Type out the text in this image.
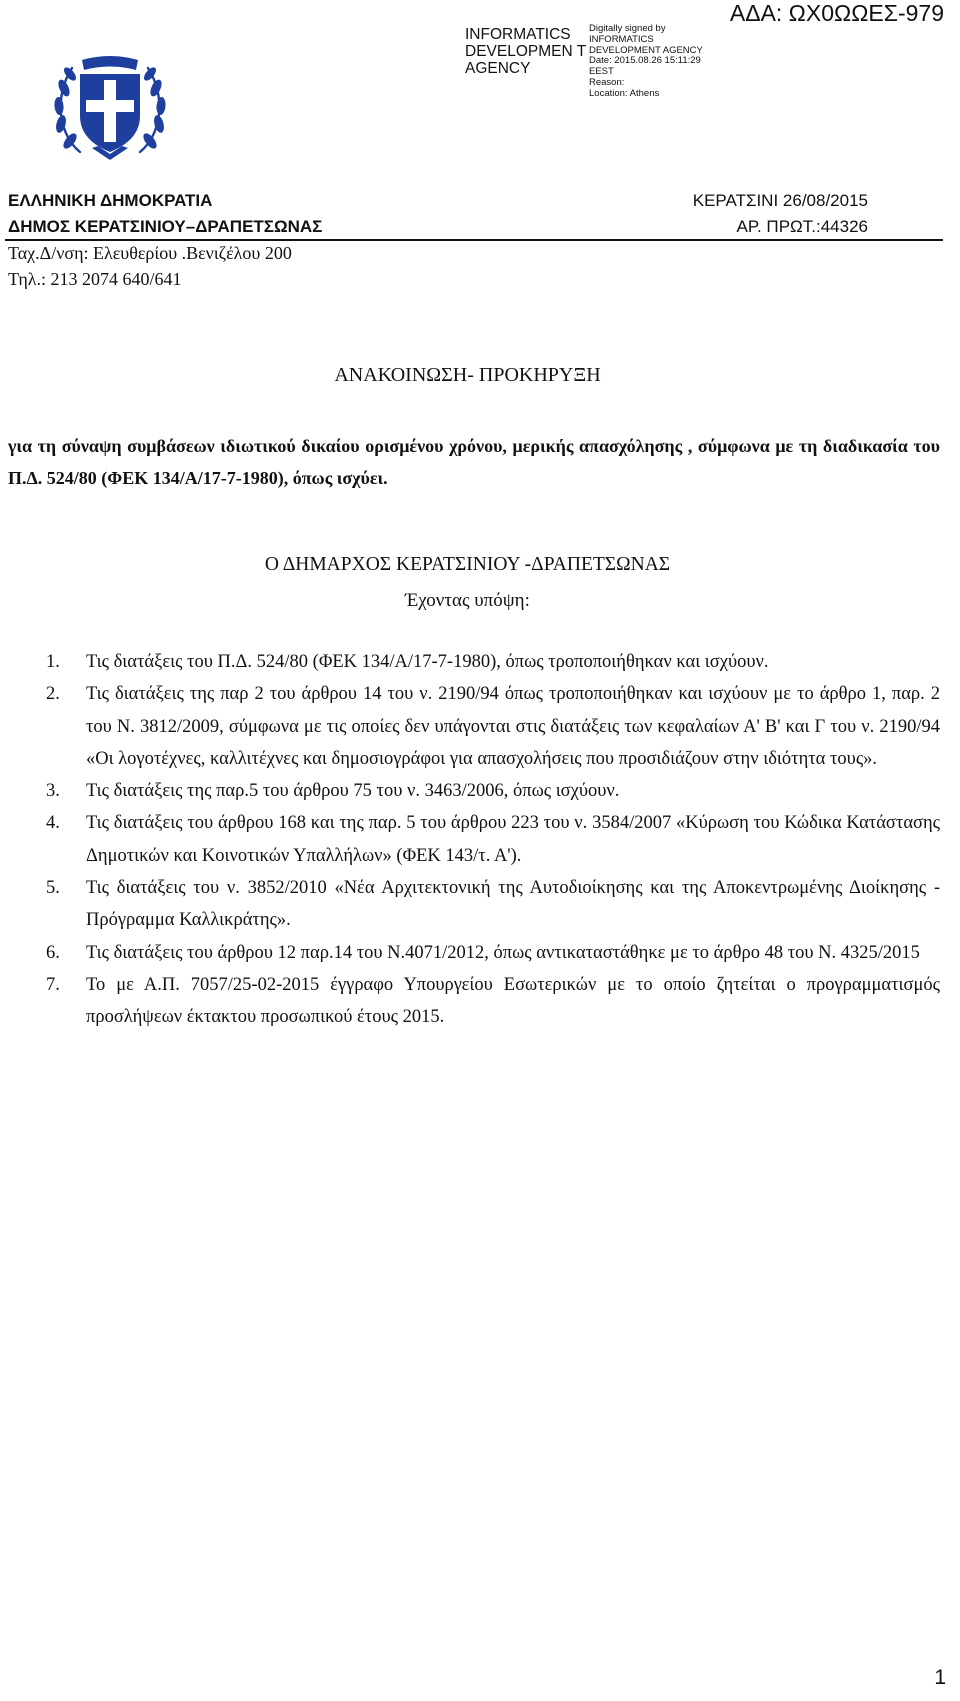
INFORMATICS DEVELOPMEN T AGENCY
Digitally signed by
INFORMATICS
DEVELOPMENT AGENCY
Date: 2015.08.26 15:11:29
EEST
Reason:
Location: Athens
ΑΔΑ: ΩΧ0ΩΩΕΣ-979
ΕΛΛΗΝΙΚΗ ΔΗΜΟΚΡΑΤΙΑ
ΔΗΜΟΣ ΚΕΡΑΤΣΙΝΙΟΥ–ΔΡΑΠΕΤΣΩΝΑΣ
ΚΕΡΑΤΣΙΝΙ 26/08/2015
ΑΡ. ΠΡΩΤ.:44326
Ταχ.Δ/νση: Ελευθερίου .Βενιζέλου 200
Τηλ.: 213 2074 640/641
ΑΝΑΚΟΙΝΩΣΗ- ΠΡΟΚΗΡΥΞΗ
για τη σύναψη συμβάσεων ιδιωτικού δικαίου ορισμένου χρόνου, μερικής απασχόλησης , σύμφωνα με τη διαδικασία του Π.Δ. 524/80 (ΦΕΚ 134/Α/17-7-1980), όπως ισχύει.
Ο ΔΗΜΑΡΧΟΣ ΚΕΡΑΤΣΙΝΙΟΥ -ΔΡΑΠΕΤΣΩΝΑΣ
Έχοντας υπόψη:
1. Τις διατάξεις του Π.Δ. 524/80 (ΦΕΚ 134/Α/17-7-1980), όπως τροποποιήθηκαν και ισχύουν.
2. Τις διατάξεις της παρ 2 του άρθρου 14 του ν. 2190/94 όπως τροποποιήθηκαν και ισχύουν με το άρθρο 1, παρ. 2 του Ν. 3812/2009, σύμφωνα με τις οποίες δεν υπάγονται στις διατάξεις των κεφαλαίων Α' Β' και Γ του ν. 2190/94 «Οι λογοτέχνες, καλλιτέχνες και δημοσιογράφοι για απασχολήσεις που προσιδιάζουν στην ιδιότητα τους».
3. Τις διατάξεις της παρ.5 του άρθρου 75 του ν. 3463/2006, όπως ισχύουν.
4. Τις διατάξεις του άρθρου 168 και της παρ. 5 του άρθρου 223 του ν. 3584/2007 «Κύρωση του Κώδικα Κατάστασης Δημοτικών και Κοινοτικών Υπαλλήλων» (ΦΕΚ 143/τ. Α').
5. Τις διατάξεις του ν. 3852/2010 «Νέα Αρχιτεκτονική της Αυτοδιοίκησης και της Αποκεντρωμένης Διοίκησης - Πρόγραμμα Καλλικράτης».
6. Τις διατάξεις του άρθρου 12 παρ.14 του Ν.4071/2012, όπως αντικαταστάθηκε με το άρθρο 48 του Ν. 4325/2015
7. Το με Α.Π. 7057/25-02-2015 έγγραφο Υπουργείου Εσωτερικών με το οποίο ζητείται ο προγραμματισμός προσλήψεων έκτακτου προσωπικού έτους 2015.
1
